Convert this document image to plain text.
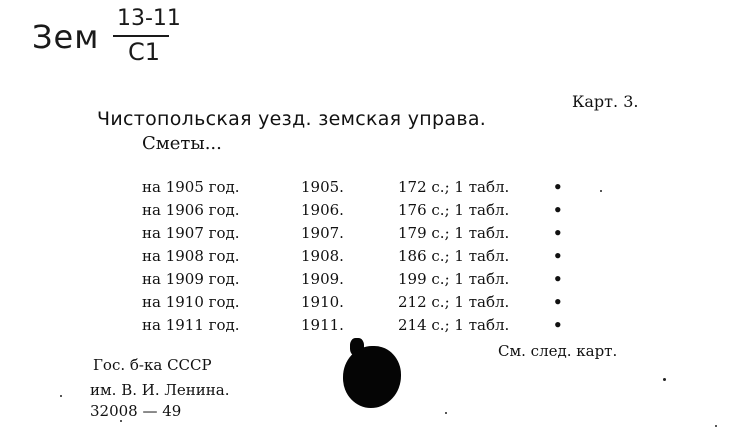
Зем 13-11
C1
Карт. 3.
Чистопольская уезд. земская управа.
Сметы...
на 1905 год.	1905.	172 с.; 1 табл.	•
на 1906 год.	1906.	176 с.; 1 табл.	•
на 1907 год.	1907.	179 с.; 1 табл.	•
на 1908 год.	1908.	186 с.; 1 табл.	•
на 1909 год.	1909.	199 с.; 1 табл.	•
на 1910 год.	1910.	212 с.; 1 табл.	•
на 1911 год.	1911.	214 с.; 1 табл.	•
См. след. карт.
Гос. б-ка СССР
им. В. И. Ленина.
32008 — 49
